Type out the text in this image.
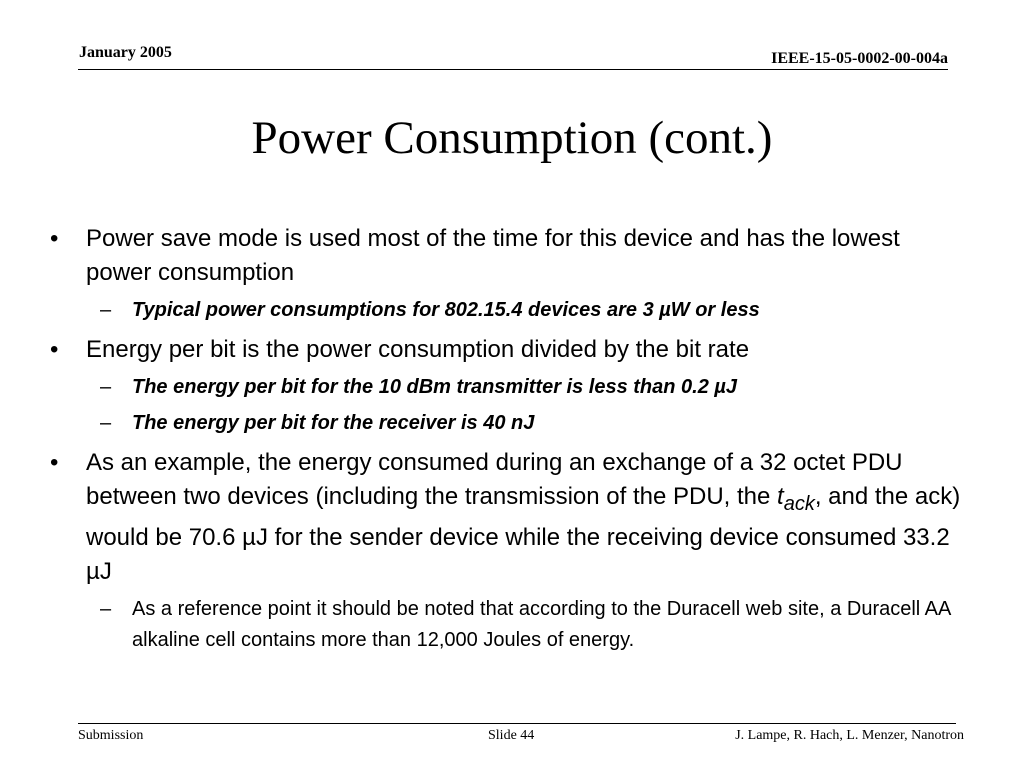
January 2005	IEEE-15-05-0002-00-004a
Power Consumption (cont.)

• Power save mode is used most of the time for this device and has the lowest power consumption

– Typical power consumptions for 802.15.4 devices are 3 µW or less

• Energy per bit is the power consumption divided by the bit rate

– The energy per bit for the 10 dBm transmitter is less than 0.2 µJ

– The energy per bit for the receiver is 40 nJ

• As an example, the energy consumed during an exchange of a 32 octet PDU between two devices (including the transmission of the PDU, the $t_{ack}$, and the ack) would be 70.6 µJ for the sender device while the receiving device consumed 33.2 µJ

– As a reference point it should be noted that according to the Duracell web site, a Duracell AA alkaline cell contains more than 12,000 Joules of energy.

Submission	Slide 44	J. Lampe, R. Hach, L. Menzer, Nanotron
